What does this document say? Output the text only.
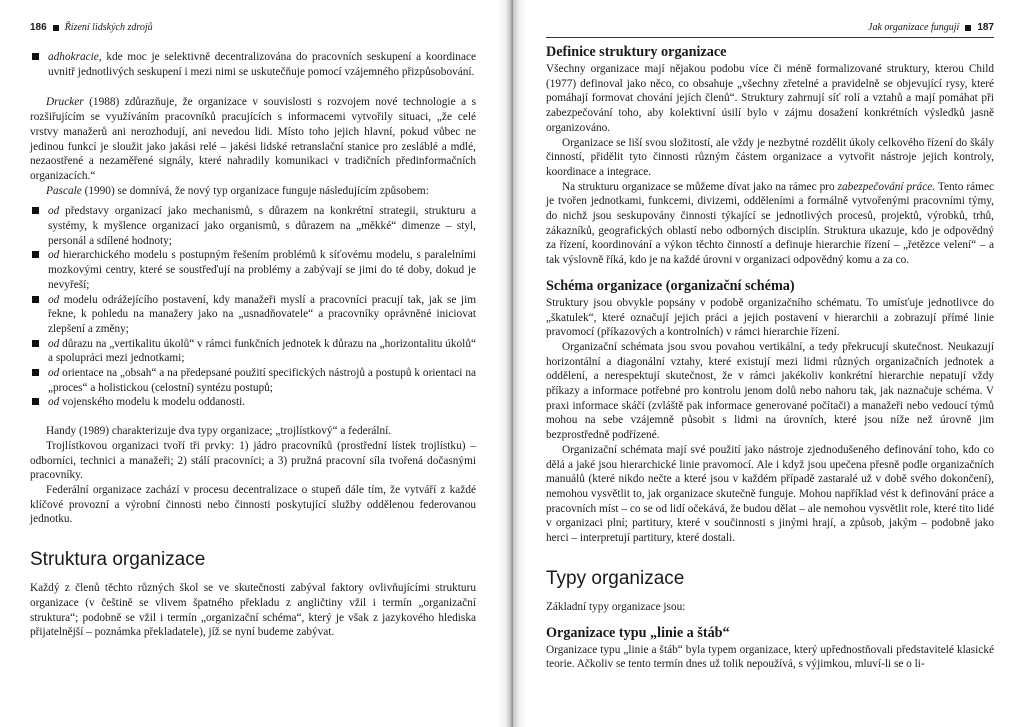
186 Řízení lidských zdrojů
adhokracie, kde moc je selektivně decentralizována do pracovních seskupení a koordinace uvnitř jednotlivých seskupení i mezi nimi se uskutečňuje pomocí vzájemného přizpůsobování.

Drucker (1988) zdůrazňuje, že organizace v souvislosti s rozvojem nové technologie a s rozšiřujícím se využíváním pracovníků pracujících s informacemi vytvořily situaci, „že celé vrstvy manažerů ani nerozhodují, ani nevedou lidi. Místo toho jejich hlavní, pokud vůbec ne jedinou funkcí je sloužit jako jakási relé – jakési lidské retranslační stanice pro zesláblé a mdlé, nezaostřené a nezaměřené signály, které nahradily komunikaci v tradičních předinformačních organizacích.“

Pascale (1990) se domnívá, že nový typ organizace funguje následujícím způsobem:

od představy organizací jako mechanismů, s důrazem na konkrétní strategii, strukturu a systémy, k myšlence organizací jako organismů, s důrazem na „měkké“ dimenze – styl, personál a sdílené hodnoty;
od hierarchického modelu s postupným řešením problémů k síťovému modelu, s paralelními mozkovými centry, které se soustřeďují na problémy a zabývají se jimi do té doby, dokud je nevyřeší;
od modelu odrážejícího postavení, kdy manažeři myslí a pracovníci pracují tak, jak se jim řekne, k pohledu na manažery jako na „usnadňovatele“ a pracovníky oprávněné iniciovat zlepšení a změny;
od důrazu na „vertikalitu úkolů“ v rámci funkčních jednotek k důrazu na „horizontalitu úkolů“ a spolupráci mezi jednotkami;
od orientace na „obsah“ a na předepsané použití specifických nástrojů a postupů k orientaci na „proces“ a holistickou (celostní) syntézu postupů;
od vojenského modelu k modelu oddanosti.

Handy (1989) charakterizuje dva typy organizace; „trojlístkový“ a federální.

Trojlístkovou organizaci tvoří tři prvky: 1) jádro pracovníků (prostřední lístek trojlístku) – odborníci, technici a manažeři; 2) stálí pracovníci; a 3) pružná pracovní síla tvořená dočasnými pracovníky.

Federální organizace zachází v procesu decentralizace o stupeň dále tím, že vytváří z každé klíčové provozní a výrobní činnosti nebo činnosti poskytující služby oddělenou federovanou jednotku.

Struktura organizace

Každý z členů těchto různých škol se ve skutečnosti zabýval faktory ovlivňujícími strukturu organizace (v češtině se vlivem špatného překladu z angličtiny vžil i termín „organizační struktura“; podobně se vžil i termín „organizační schéma“, který je však z jazykového hlediska přijatelnější – poznámka překladatele), jíž se nyní budeme zabývat.

Jak organizace fungují 187
Definice struktury organizace

Všechny organizace mají nějakou podobu více či méně formalizované struktury, kterou Child (1977) definoval jako něco, co obsahuje „všechny zřetelné a pravidelně se objevující rysy, které pomáhají formovat chování jejích členů“. Struktury zahrnují síť rolí a vztahů a mají pomáhat při zabezpečování toho, aby kolektivní úsilí bylo v zájmu dosažení konkrétních výsledků jasně organizováno.

Organizace se liší svou složitostí, ale vždy je nezbytné rozdělit úkoly celkového řízení do škály činností, přidělit tyto činnosti různým částem organizace a vytvořit nástroje jejich kontroly, koordinace a integrace.

Na strukturu organizace se můžeme dívat jako na rámec pro zabezpečování práce. Tento rámec je tvořen jednotkami, funkcemi, divizemi, odděleními a formálně vytvořenými pracovními týmy, do nichž jsou seskupovány činnosti týkající se jednotlivých procesů, projektů, výrobků, trhů, zákazníků, geografických oblastí nebo odborných disciplín. Struktura ukazuje, kdo je odpovědný za řízení, koordinování a výkon těchto činností a definuje hierarchie řízení – „řetězce velení“ – a tak výslovně říká, kdo je na každé úrovni v organizaci odpovědný komu a za co.

Schéma organizace (organizační schéma)

Struktury jsou obvykle popsány v podobě organizačního schématu. To umísťuje jednotlivce do „škatulek“, které označují jejich práci a jejich postavení v hierarchii a zobrazují přímé linie pravomocí (příkazových a kontrolních) v rámci hierarchie řízení.

Organizační schémata jsou svou povahou vertikální, a tedy překrucují skutečnost. Neukazují horizontální a diagonální vztahy, které existují mezi lidmi různých organizačních jednotek a oddělení, a nerespektují skutečnost, že v rámci jakékoliv konkrétní hierarchie nepatují vždy příkazy a informace potřebné pro kontrolu jenom dolů nebo nahoru tak, jak naznačuje schéma. V praxi informace skáčí (zvláště pak informace generované počítači) a manažeři nebo vedoucí týmů mohou na sebe vzájemně působit s lidmi na úrovních, které jsou níže než úrovně jim bezprostředně podřízené.

Organizační schémata mají své použití jako nástroje zjednodušeného definování toho, kdo co dělá a jaké jsou hierarchické linie pravomocí. Ale i když jsou upečena přesně podle organizačních manuálů (které nikdo nečte a které jsou v každém případě zastaralé už v době svého dokončení), nemohou vysvětlit to, jak organizace skutečně funguje. Mohou například vést k definování práce a pracovních míst – co se od lidí očekává, že budou dělat – ale nemohou vysvětlit role, které tito lidé v organizaci plní; partitury, které v součinnosti s jinými hrají, a způsob, jakým – podobně jako herci – interpretují partitury, které dostali.

Typy organizace

Základní typy organizace jsou:

Organizace typu „linie a štáb“

Organizace typu „linie a štáb“ byla typem organizace, který upřednostňovali představitelé klasické teorie. Ačkoliv se tento termín dnes už tolik nepoužívá, s výjimkou, mluví-li se o li-
